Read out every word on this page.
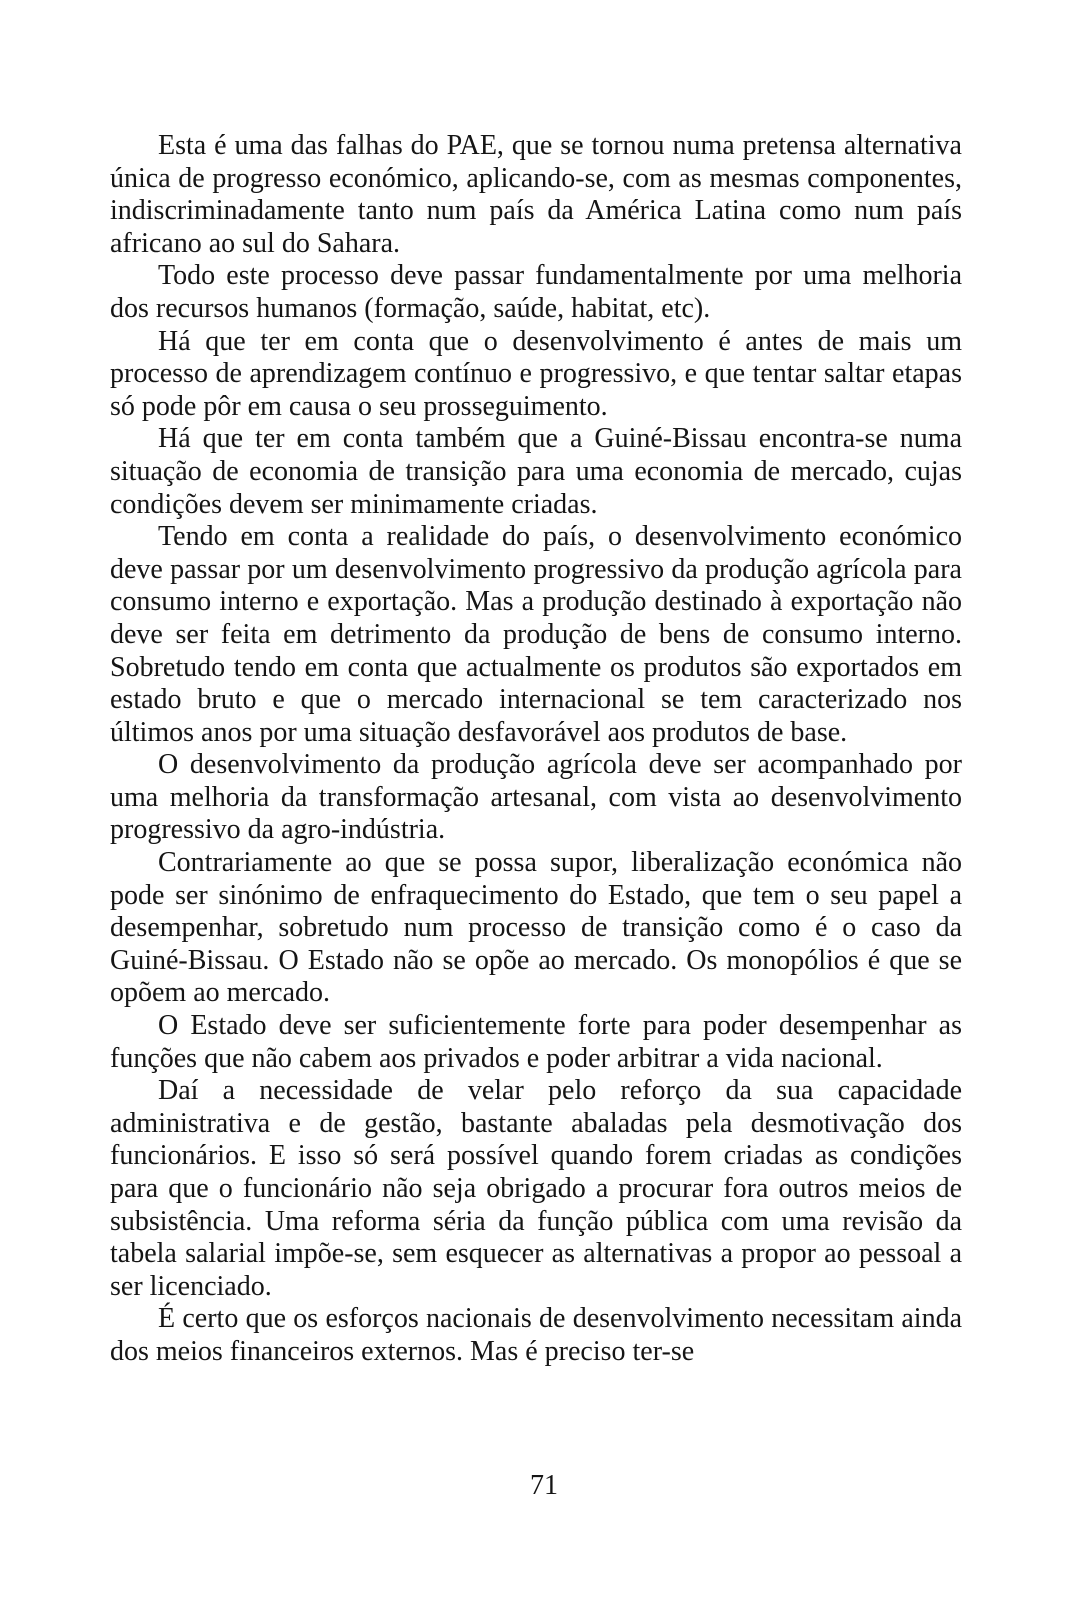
Esta é uma das falhas do PAE, que se tornou numa pretensa alternativa única de progresso económico, aplicando-se, com as mesmas componentes, indiscriminadamente tanto num país da América Latina como num país africano ao sul do Sahara.

Todo este processo deve passar fundamentalmente por uma melhoria dos recursos humanos (formação, saúde, habitat, etc).

Há que ter em conta que o desenvolvimento é antes de mais um processo de aprendizagem contínuo e progressivo, e que tentar saltar etapas só pode pôr em causa o seu prosseguimento.

Há que ter em conta também que a Guiné-Bissau encontra-se numa situação de economia de transição para uma economia de mercado, cujas condições devem ser minimamente criadas.

Tendo em conta a realidade do país, o desenvolvimento económico deve passar por um desenvolvimento progressivo da produção agrícola para consumo interno e exportação. Mas a produção destinado à exportação não deve ser feita em detrimento da produção de bens de consumo interno. Sobretudo tendo em conta que actualmente os produtos são exportados em estado bruto e que o mercado internacional se tem caracterizado nos últimos anos por uma situação desfavorável aos produtos de base.

O desenvolvimento da produção agrícola deve ser acompanhado por uma melhoria da transformação artesanal, com vista ao desenvolvimento progressivo da agro-indústria.

Contrariamente ao que se possa supor, liberalização económica não pode ser sinónimo de enfraquecimento do Estado, que tem o seu papel a desempenhar, sobretudo num processo de transição como é o caso da Guiné-Bissau. O Estado não se opõe ao mercado. Os monopólios é que se opõem ao mercado.

O Estado deve ser suficientemente forte para poder desempenhar as funções que não cabem aos privados e poder arbitrar a vida nacional.

Daí a necessidade de velar pelo reforço da sua capacidade administrativa e de gestão, bastante abaladas pela desmotivação dos funcionários. E isso só será possível quando forem criadas as condições para que o funcionário não seja obrigado a procurar fora outros meios de subsistência. Uma reforma séria da função pública com uma revisão da tabela salarial impõe-se, sem esquecer as alternativas a propor ao pessoal a ser licenciado.

É certo que os esforços nacionais de desenvolvimento necessitam ainda dos meios financeiros externos. Mas é preciso ter-se

71
